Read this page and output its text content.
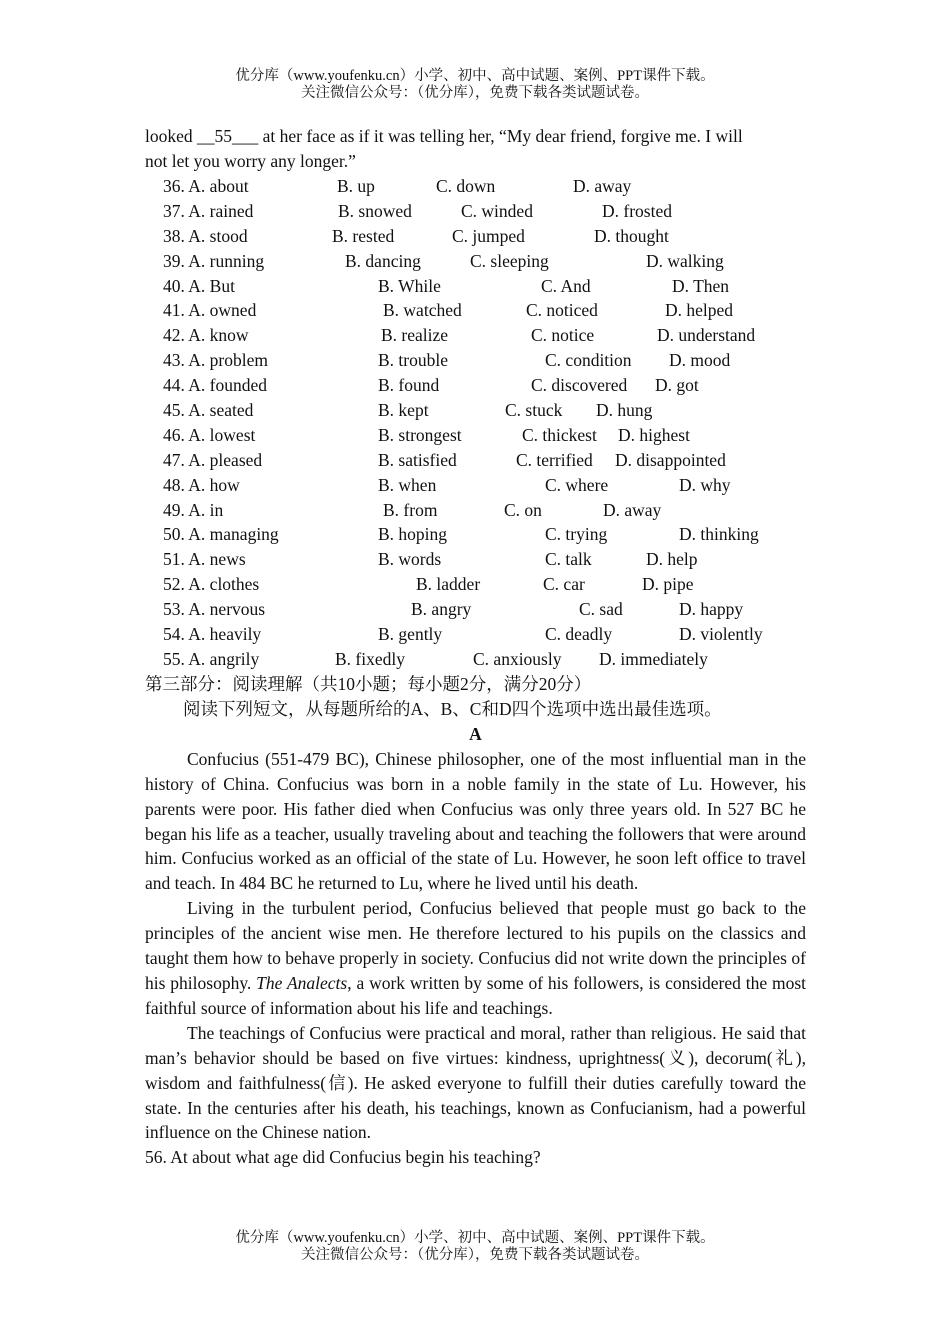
优分库（www.youfenku.cn）小学、初中、高中试题、案例、PPT课件下载。
关注微信公众号：（优分库），免费下载各类试题试卷。
looked __55___ at her face as if it was telling her, “My dear friend, forgive me. I will
not let you worry any longer.”
36. A. about	B. up	C. down	D. away
37. A. rained	B. snowed	C. winded	D. frosted
38. A. stood	B. rested	C. jumped	D. thought
39. A. running	B. dancing	C. sleeping	D. walking
40. A. But	B. While	C. And	D. Then
41. A. owned	B. watched	C. noticed	D. helped
42. A. know	B. realize	C. notice	D. understand
43. A. problem	B. trouble	C. condition D. mood
44. A. founded	B. found	C. discovered D. got
45. A. seated	B. kept	C. stuck D. hung
46. A. lowest	B. strongest	C. thickest D. highest
47. A. pleased	B. satisfied	C. terrified D. disappointed
48. A. how	B. when	C. where	D. why
49. A. in	B. from	C. on	D. away
50. A. managing	B. hoping	C. trying	D. thinking
51. A. news	B. words	C. talk	D. help
52. A. clothes	B. ladder	C. car	D. pipe
53. A. nervous	B. angry	C. sad	D. happy
54. A. heavily	B. gently	C. deadly	D. violently
55. A. angrily	B. fixedly	C. anxiously D. immediately
第三部分：阅读理解（共10小题；每小题2分，满分20分）
阅读下列短文，从每题所给的A、B、C和D四个选项中选出最佳选项。
A

Confucius (551-479 BC), Chinese philosopher, one of the most influential man in the history of China. Confucius was born in a noble family in the state of Lu. However, his parents were poor. His father died when Confucius was only three years old. In 527 BC he began his life as a teacher, usually traveling about and teaching the followers that were around him. Confucius worked as an official of the state of Lu. However, he soon left office to travel and teach. In 484 BC he returned to Lu, where he lived until his death.

Living in the turbulent period, Confucius believed that people must go back to the principles of the ancient wise men. He therefore lectured to his pupils on the classics and taught them how to behave properly in society. Confucius did not write down the principles of his philosophy. The Analects, a work written by some of his followers, is considered the most faithful source of information about his life and teachings.

The teachings of Confucius were practical and moral, rather than religious. He said that man’s behavior should be based on five virtues: kindness, uprightness(义), decorum(礼), wisdom and faithfulness(信). He asked everyone to fulfill their duties carefully toward the state. In the centuries after his death, his teachings, known as Confucianism, had a powerful influence on the Chinese nation.

56. At about what age did Confucius begin his teaching?
优分库（www.youfenku.cn）小学、初中、高中试题、案例、PPT课件下载。
关注微信公众号：（优分库），免费下载各类试题试卷。
